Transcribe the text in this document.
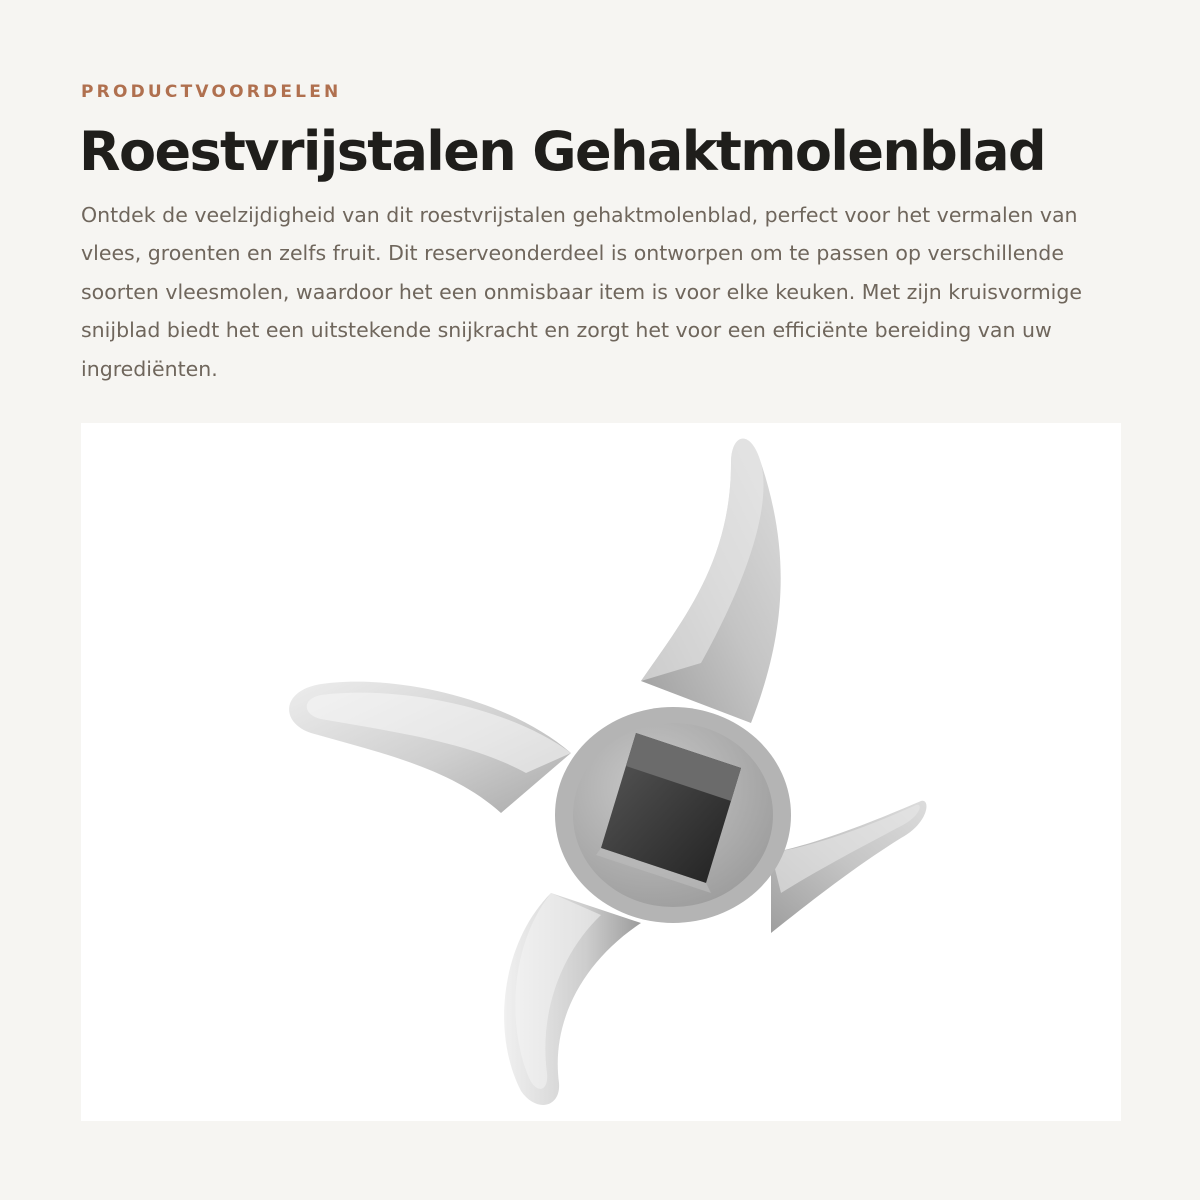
PRODUCTVOORDELEN
Roestvrijstalen Gehaktmolenblad

Ontdek de veelzijdigheid van dit roestvrijstalen gehaktmolenblad, perfect voor het vermalen van vlees, groenten en zelfs fruit. Dit reserveonderdeel is ontworpen om te passen op verschillende soorten vleesmolen, waardoor het een onmisbaar item is voor elke keuken. Met zijn kruisvormige snijblad biedt het een uitstekende snijkracht en zorgt het voor een efficiënte bereiding van uw ingrediënten.
